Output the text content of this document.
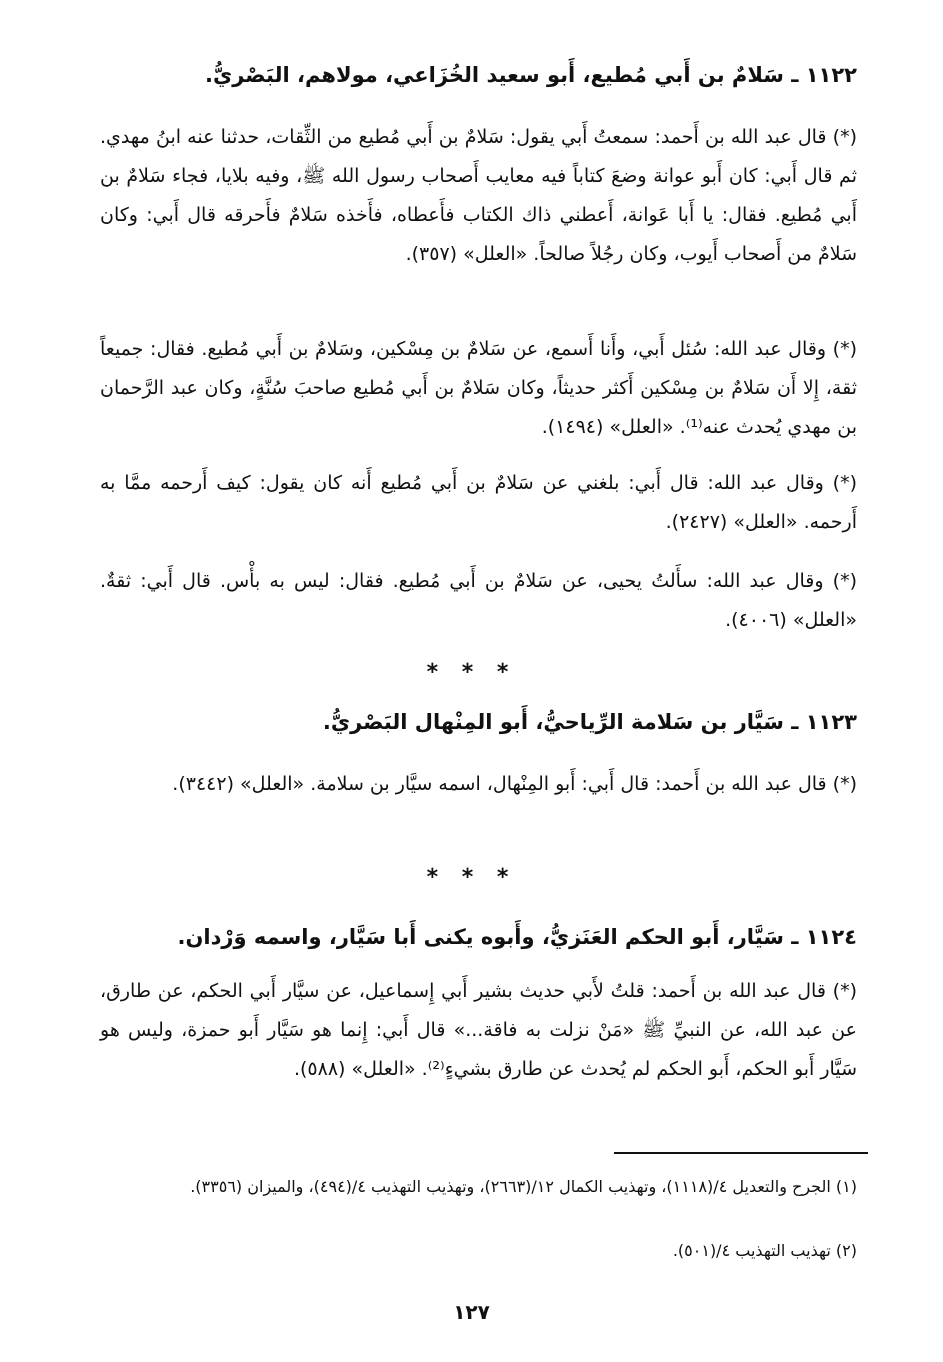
١١٢٢ ـ سَلامٌ بن أَبي مُطيع، أَبو سعيد الخُزَاعي، مولاهم، البَصْريُّ.
(*) قال عبد الله بن أَحمد: سمعتُ أَبي يقول: سَلامٌ بن أَبي مُطيع من الثِّقات، حدثنا عنه ابنُ مهدي. ثم قال أَبي: كان أَبو عوانة وضعَ كتاباً فيه معايب أَصحاب رسول الله ﷺ، وفيه بلايا، فجاء سَلامٌ بن أَبي مُطيع. فقال: يا أَبا عَوانة، أَعطني ذاك الكتاب فأَعطاه، فأَخذه سَلامٌ فأَحرقه قال أَبي: وكان سَلامٌ من أَصحاب أَيوب، وكان رجُلاً صالحاً. «العلل» (٣٥٧).
(*) وقال عبد الله: سُئل أَبي، وأَنا أَسمع، عن سَلامٌ بن مِسْكين، وسَلامٌ بن أَبي مُطيع. فقال: جميعاً ثقة، إِلا أَن سَلامٌ بن مِسْكين أَكثر حديثاً، وكان سَلامٌ بن أَبي مُطيع صاحبَ سُنَّةٍ، وكان عبد الرَّحمان بن مهدي يُحدث عنه⁽¹⁾. «العلل» (١٤٩٤).
(*) وقال عبد الله: قال أَبي: بلغني عن سَلامٌ بن أَبي مُطيع أَنه كان يقول: كيف أَرحمه ممَّا به أَرحمه. «العلل» (٢٤٢٧).
(*) وقال عبد الله: سأَلتُ يحيى، عن سَلامٌ بن أَبي مُطيع. فقال: ليس به بأْس. قال أَبي: ثقةٌ. «العلل» (٤٠٠٦).
* * *
١١٢٣ ـ سَيَّار بن سَلامة الرِّياحيُّ، أَبو المِنْهال البَصْريُّ.
(*) قال عبد الله بن أَحمد: قال أَبي: أَبو المِنْهال، اسمه سيَّار بن سلامة. «العلل» (٣٤٤٢).
* * *
١١٢٤ ـ سَيَّار، أَبو الحكم العَنَزيُّ، وأَبوه يكنى أَبا سَيَّار، واسمه وَرْدان.
(*) قال عبد الله بن أَحمد: قلتُ لأَبي حديث بشير أَبي إِسماعيل، عن سيَّار أَبي الحكم، عن طارق، عن عبد الله، عن النبيِّ ﷺ «مَنْ نزلت به فاقة...» قال أَبي: إِنما هو سَيَّار أَبو حمزة، وليس هو سَيَّار أَبو الحكم، أَبو الحكم لم يُحدث عن طارق بشيءٍ⁽²⁾. «العلل» (٥٨٨).
(١) الجرح والتعديل ٤/(١١١٨)، وتهذيب الكمال ١٢/(٢٦٦٣)، وتهذيب التهذيب ٤/(٤٩٤)، والميزان (٣٣٥٦).
(٢) تهذيب التهذيب ٤/(٥٠١).
١٢٧
